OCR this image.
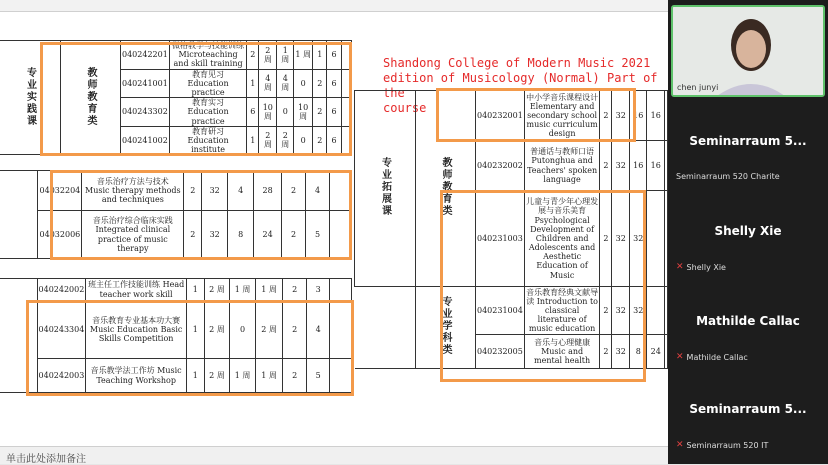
专业实践课	教师教育类	040242201	微格教学与技能训练 Microteaching and skill training	2	2 周	1 周	1 周	1	6	
		040241001	教育见习 Education practice	1	4 周	4 周	0	2	6	
		040243302	教育实习 Education practice	6	10 周	0	10 周	2	6	
		040241002	教育研习 Education institute	1	2 周	2 周	0	2	6	
	04032204	音乐治疗方法与技术 Music therapy methods and techniques	2	32	4	28	2	4	
	04032006	音乐治疗综合临床实践 Integrated clinical practice of music therapy	2	32	8	24	2	5	
	040242002	班主任工作技能训练 Head teacher work skill	1	2 周	1 周	1 周	2	3	
	040243304	音乐教育专业基本功大赛 Music Education Basic Skills Competition	1	2 周	0	2 周	2	4	
	040242003	音乐教学法工作坊 Music Teaching Workshop	1	2 周	1 周	1 周	2	5	
Shandong College of Modern Music 2021
edition of Musicology (Normal) Part of the
course
专业拓展课	教师教育类	040232001	中小学音乐课程设计 Elementary and secondary school music curriculum design	2	32	16	16	
		040232002	普通话与教师口语 Putonghua and Teachers' spoken language	2	32	16	16	
		040231003	儿童与青少年心理发展与音乐美育 Psychological Development of Children and Adolescents and Aesthetic Education of Music	2	32	32		
	专业学科类	040231004	音乐教育经典文献导读 Introduction to classical literature of music education	2	32	32		
		040232005	音乐与心理健康 Music and mental health	2	32	8	24	
单击此处添加备注
chen junyi
Seminarraum 5...
Seminarraum 520 Charite
Shelly Xie
✕ Shelly Xie
Mathilde Callac
✕ Mathilde Callac
Seminarraum 5...
✕ Seminarraum 520 IT
